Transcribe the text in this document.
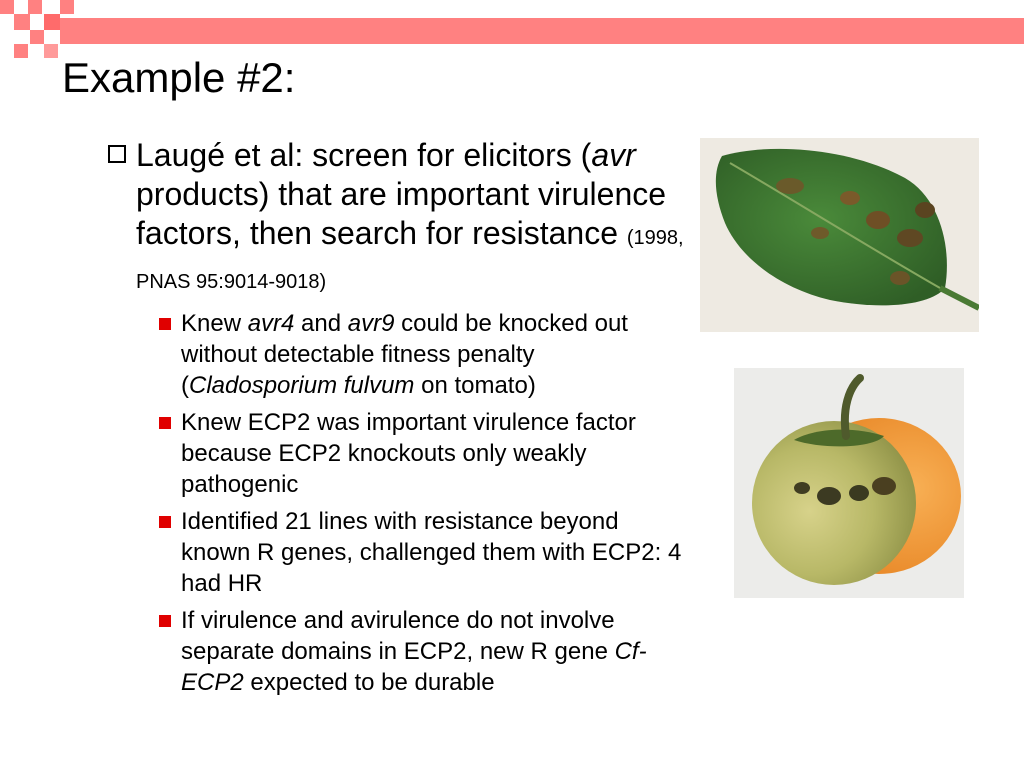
Example #2:
Laugé et al: screen for elicitors (avr products) that are important virulence factors, then search for resistance (1998, PNAS 95:9014-9018)
Knew avr4 and avr9 could be knocked out without detectable fitness penalty (Cladosporium fulvum on tomato)
Knew ECP2 was important virulence factor because ECP2 knockouts only weakly pathogenic
Identified 21 lines with resistance beyond known R genes, challenged them with ECP2: 4 had HR
If virulence and avirulence do not involve separate domains in ECP2, new R gene Cf-ECP2 expected to be durable
